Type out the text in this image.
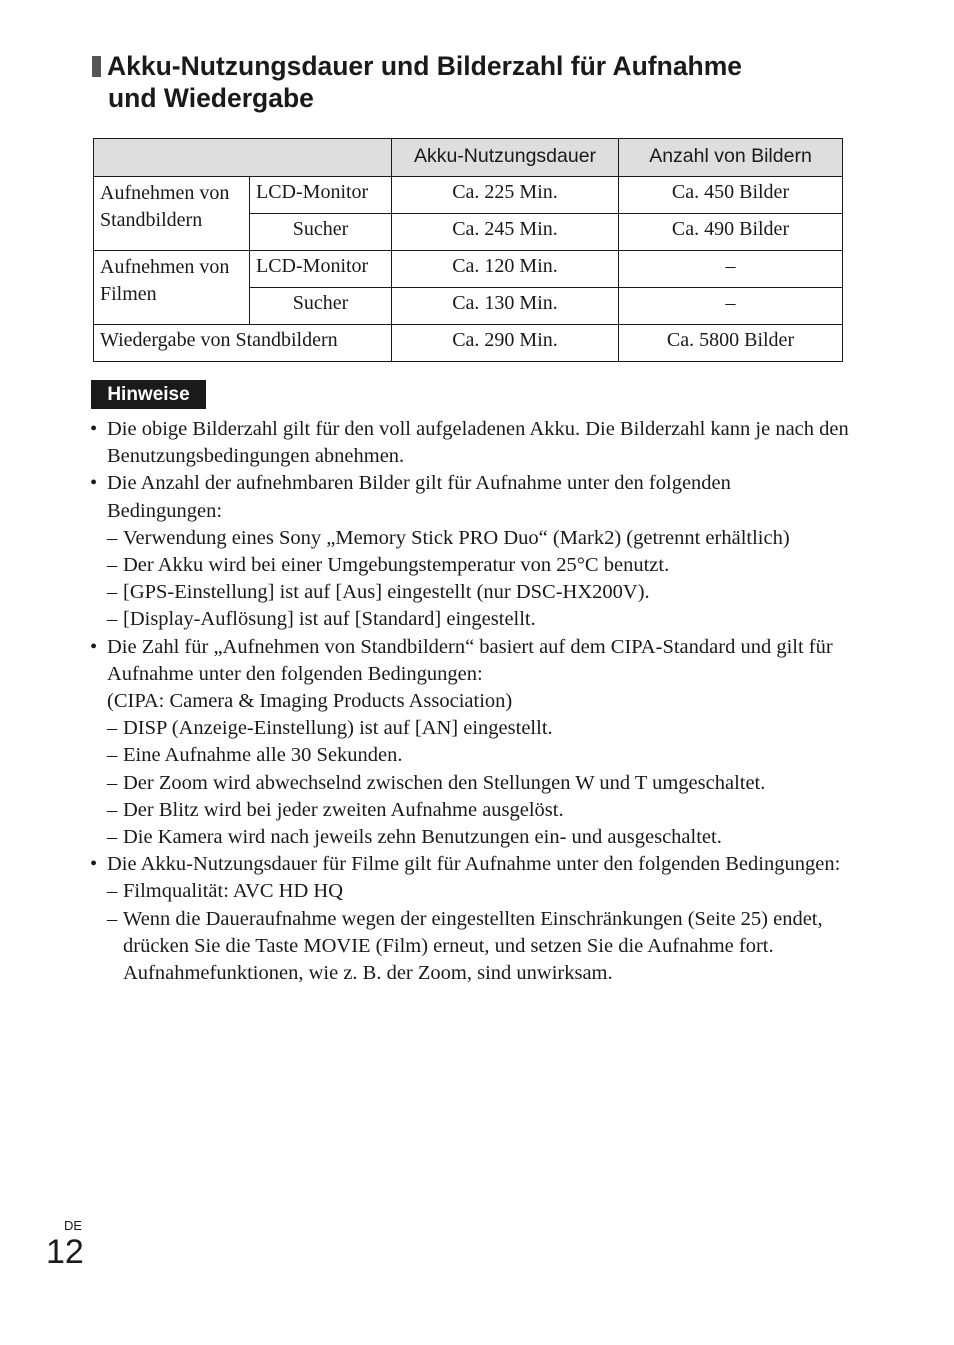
Akku-Nutzungsdauer und Bilderzahl für Aufnahme
und Wiedergabe
		Akku-Nutzungsdauer	Anzahl von Bildern
Aufnehmen von Standbildern	LCD-Monitor	Ca. 225 Min.	Ca. 450 Bilder
	Sucher	Ca. 245 Min.	Ca. 490 Bilder
Aufnehmen von Filmen	LCD-Monitor	Ca. 120 Min.	–
	Sucher	Ca. 130 Min.	–
Wiedergabe von Standbildern		Ca. 290 Min.	Ca. 5800 Bilder
Hinweise
• Die obige Bilderzahl gilt für den voll aufgeladenen Akku. Die Bilderzahl kann je nach den Benutzungsbedingungen abnehmen.
• Die Anzahl der aufnehmbaren Bilder gilt für Aufnahme unter den folgenden Bedingungen:
– Verwendung eines Sony „Memory Stick PRO Duo“ (Mark2) (getrennt erhältlich)
– Der Akku wird bei einer Umgebungstemperatur von 25°C benutzt.
– [GPS-Einstellung] ist auf [Aus] eingestellt (nur DSC-HX200V).
– [Display-Auflösung] ist auf [Standard] eingestellt.
• Die Zahl für „Aufnehmen von Standbildern“ basiert auf dem CIPA-Standard und gilt für Aufnahme unter den folgenden Bedingungen:
(CIPA: Camera & Imaging Products Association)
– DISP (Anzeige-Einstellung) ist auf [AN] eingestellt.
– Eine Aufnahme alle 30 Sekunden.
– Der Zoom wird abwechselnd zwischen den Stellungen W und T umgeschaltet.
– Der Blitz wird bei jeder zweiten Aufnahme ausgelöst.
– Die Kamera wird nach jeweils zehn Benutzungen ein- und ausgeschaltet.
• Die Akku-Nutzungsdauer für Filme gilt für Aufnahme unter den folgenden Bedingungen:
– Filmqualität: AVC HD HQ
– Wenn die Daueraufnahme wegen der eingestellten Einschränkungen (Seite 25) endet, drücken Sie die Taste MOVIE (Film) erneut, und setzen Sie die Aufnahme fort. Aufnahmefunktionen, wie z. B. der Zoom, sind unwirksam.
DE
12
